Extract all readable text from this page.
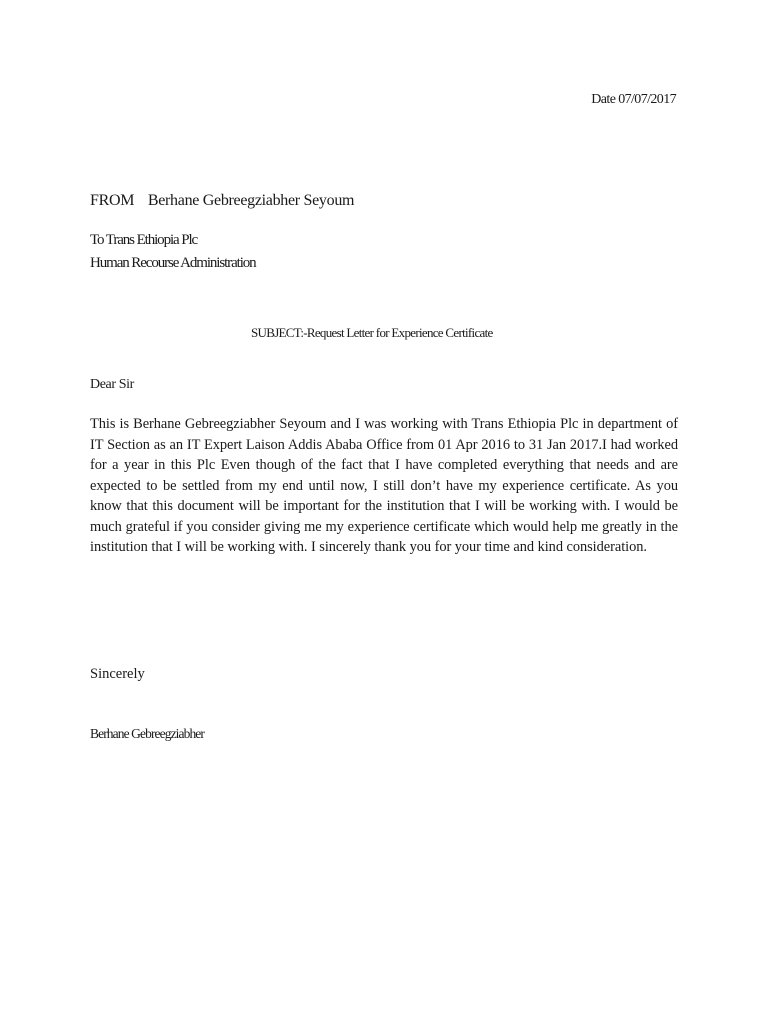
Date 07/07/2017
FROM Berhane Gebreegziabher Seyoum
To Trans Ethiopia Plc
Human Recourse Administration
SUBJECT:-Request Letter for Experience Certificate
Dear Sir
This is Berhane Gebreegziabher Seyoum and I was working with Trans Ethiopia Plc in department of IT Section as an IT Expert Laison Addis Ababa Office from 01 Apr 2016 to 31 Jan 2017.I had worked for a year in this Plc Even though of the fact that I have completed everything that needs and are expected to be settled from my end until now, I still don’t have my experience certificate. As you know that this document will be important for the institution that I will be working with. I would be much grateful if you consider giving me my experience certificate which would help me greatly in the institution that I will be working with. I sincerely thank you for your time and kind consideration.
Sincerely
Berhane Gebreegziabher
